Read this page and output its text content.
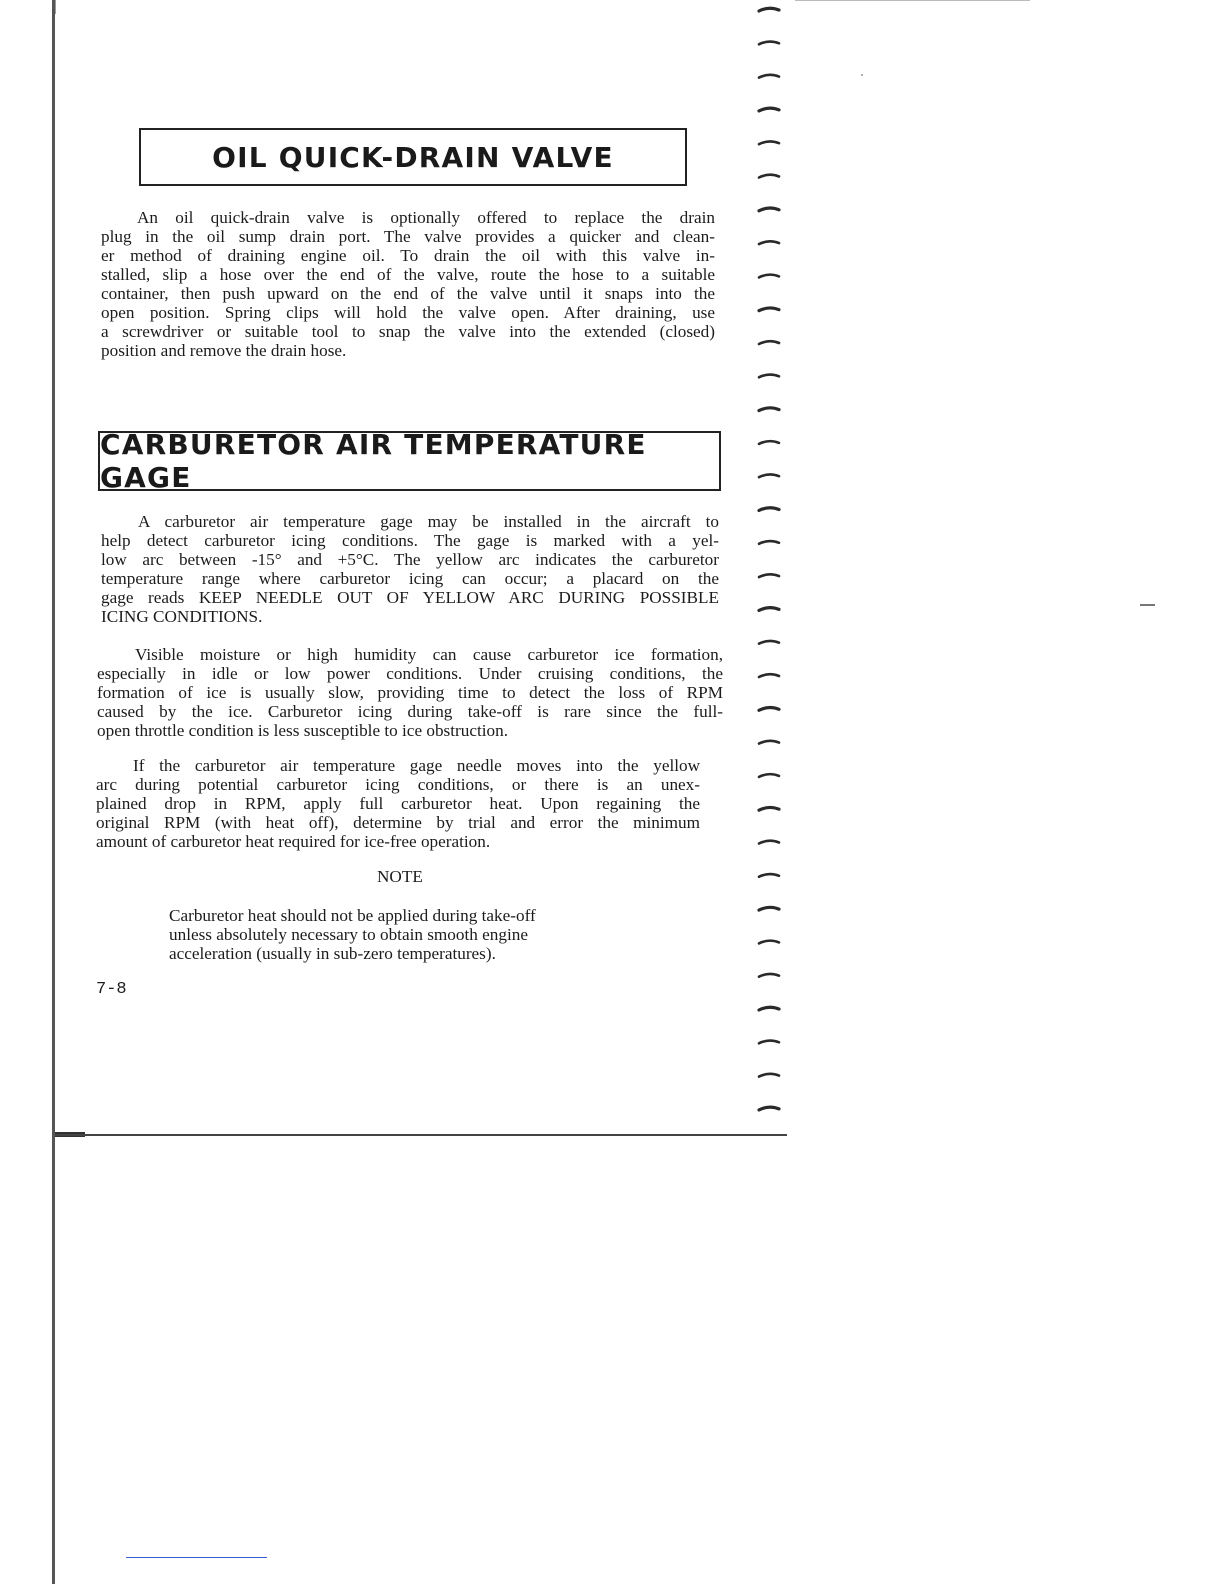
OIL QUICK-DRAIN VALVE

An oil quick-drain valve is optionally offered to replace the drain
plug in the oil sump drain port. The valve provides a quicker and clean-
er method of draining engine oil. To drain the oil with this valve in-
stalled, slip a hose over the end of the valve, route the hose to a suitable
container, then push upward on the end of the valve until it snaps into the
open position. Spring clips will hold the valve open. After draining, use
a screwdriver or suitable tool to snap the valve into the extended (closed)
position and remove the drain hose.

CARBURETOR AIR TEMPERATURE GAGE

A carburetor air temperature gage may be installed in the aircraft to
help detect carburetor icing conditions. The gage is marked with a yel-
low arc between -15° and +5°C. The yellow arc indicates the carburetor
temperature range where carburetor icing can occur; a placard on the
gage reads KEEP NEEDLE OUT OF YELLOW ARC DURING POSSIBLE
ICING CONDITIONS.

Visible moisture or high humidity can cause carburetor ice formation,
especially in idle or low power conditions. Under cruising conditions, the
formation of ice is usually slow, providing time to detect the loss of RPM
caused by the ice. Carburetor icing during take-off is rare since the full-
open throttle condition is less susceptible to ice obstruction.

If the carburetor air temperature gage needle moves into the yellow
arc during potential carburetor icing conditions, or there is an unex-
plained drop in RPM, apply full carburetor heat. Upon regaining the
original RPM (with heat off), determine by trial and error the minimum
amount of carburetor heat required for ice-free operation.

NOTE
Carburetor heat should not be applied during take-off
unless absolutely necessary to obtain smooth engine
acceleration (usually in sub-zero temperatures).
7-8
